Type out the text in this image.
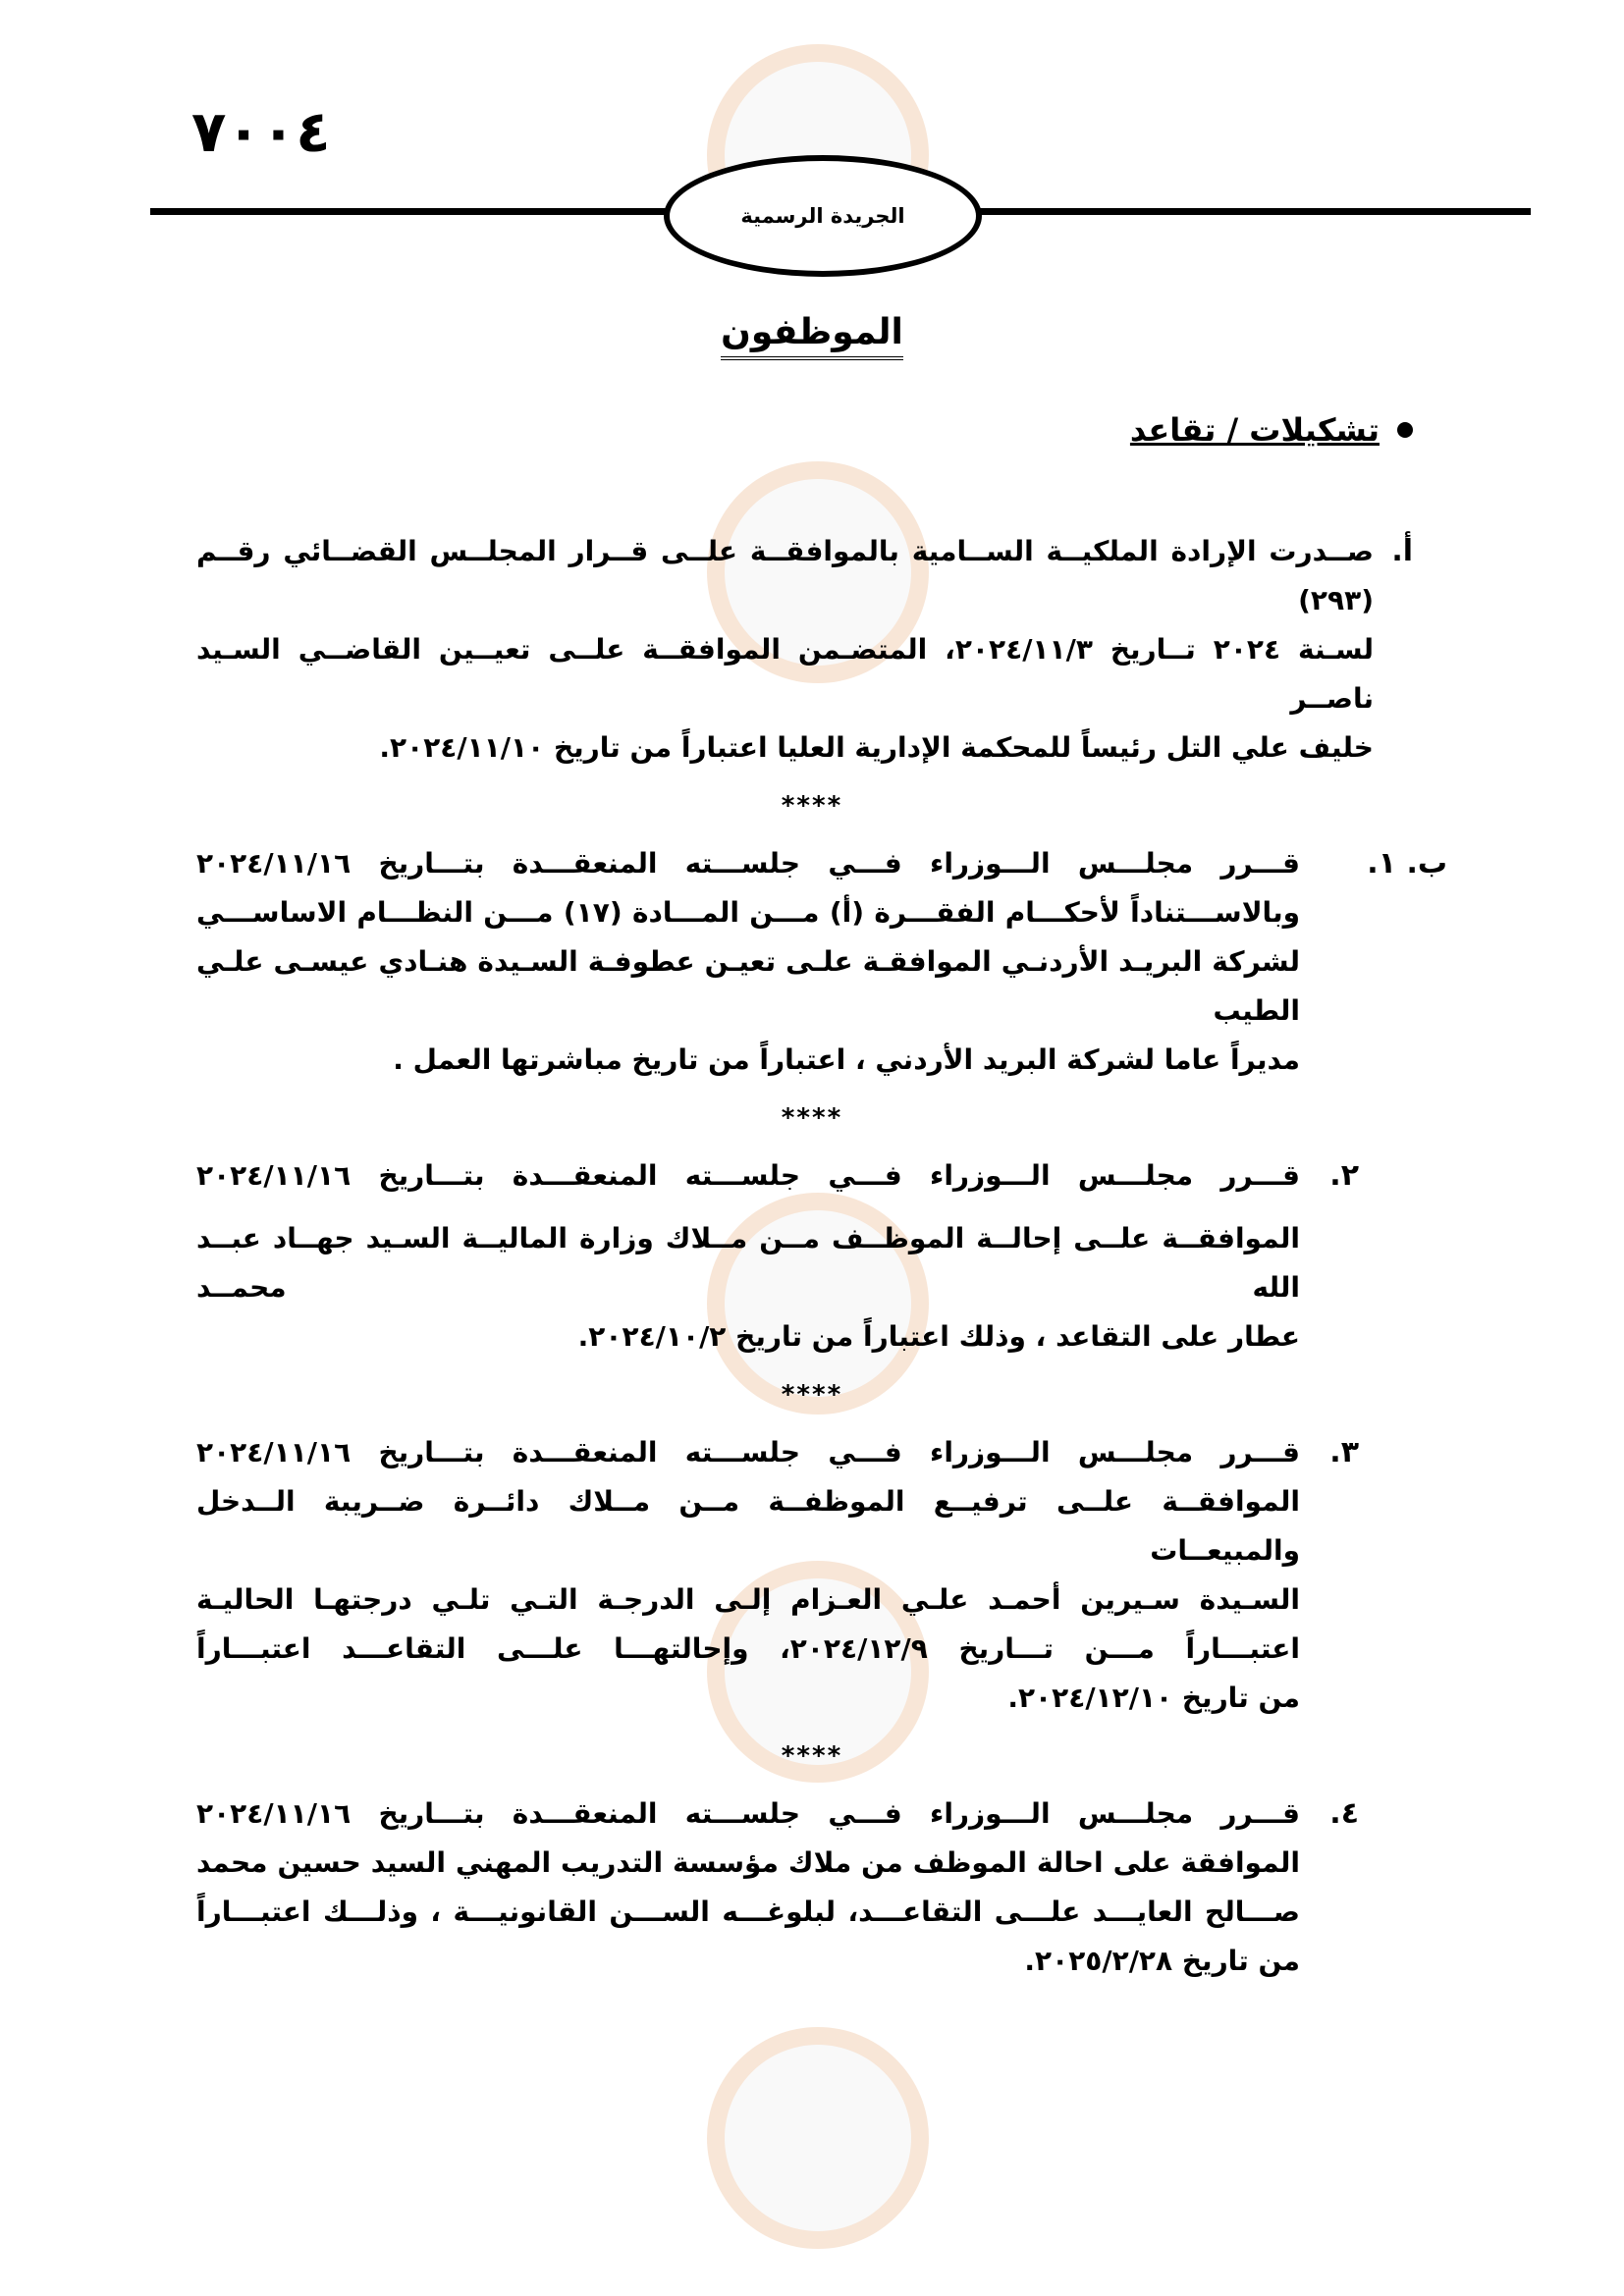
٧٠٠٤
الجريدة الرسمية
الموظفون
تشكيلات / تقاعد
أ.
صــدرت الإرادة الملكيــة الســامية بالموافقــة علــى قــرار المجلــس القضــائي رقــم (٢٩٣)
لسـنة ٢٠٢٤ تــاريخ ٢٠٢٤/١١/٣، المتضـمن الموافقــة علــى تعيــين القاضــي السـيد ناصــر
خليف علي التل رئيساً للمحكمة الإدارية العليا اعتباراً من تاريخ ٢٠٢٤/١١/١٠.
****
ب. ١.
قـــرر مجلـــس الـــوزراء فـــي جلســـته المنعقـــدة بتـــاريخ ٢٠٢٤/١١/١٦
وبالاســـتناداً لأحكـــام الفقـــرة (أ) مـــن المـــادة (١٧) مـــن النظـــام الاساســـي
لشركة البريـد الأردنـي الموافقـة علـى تعيـن عطوفـة السـيدة هنـادي عيسـى علـي الطيب
مديراً عاما لشركة البريد الأردني ، اعتباراً من تاريخ مباشرتها العمل .
****
٢.
قـــرر مجلـــس الـــوزراء فـــي جلســـته المنعقـــدة بتـــاريخ ٢٠٢٤/١١/١٦
الموافقــة علــى إحالــة الموظــف مــن مــلاك وزارة الماليــة السـيد جهــاد عبــد الله محمــد
عطار على التقاعد ، وذلك اعتباراً من تاريخ ٢٠٢٤/١٠/٢.
****
٣.
قـــرر مجلـــس الـــوزراء فـــي جلســـته المنعقـــدة بتـــاريخ ٢٠٢٤/١١/١٦
الموافقــة علــى ترفيــع الموظفــة مــن مــلاك دائــرة ضــريبة الــدخل والمبيعــات
السـيدة سـيرين أحمـد علـي العـزام إلـى الدرجـة التـي تلـي درجتهـا الحاليـة
اعتبـــاراً مـــن تـــاريخ ٢٠٢٤/١٢/٩، وإحالتهـــا علـــى التقاعـــد اعتبـــاراً
من تاريخ ٢٠٢٤/١٢/١٠.
****
٤.
قـــرر مجلـــس الـــوزراء فـــي جلســـته المنعقـــدة بتـــاريخ ٢٠٢٤/١١/١٦
الموافقة على احالة الموظف من ملاك مؤسسة التدريب المهني السيد حسين محمد
صـــالح العايـــد علـــى التقاعـــد، لبلوغـــه الســـن القانونيـــة ، وذلـــك اعتبـــاراً
من تاريخ ٢٠٢٥/٢/٢٨.
